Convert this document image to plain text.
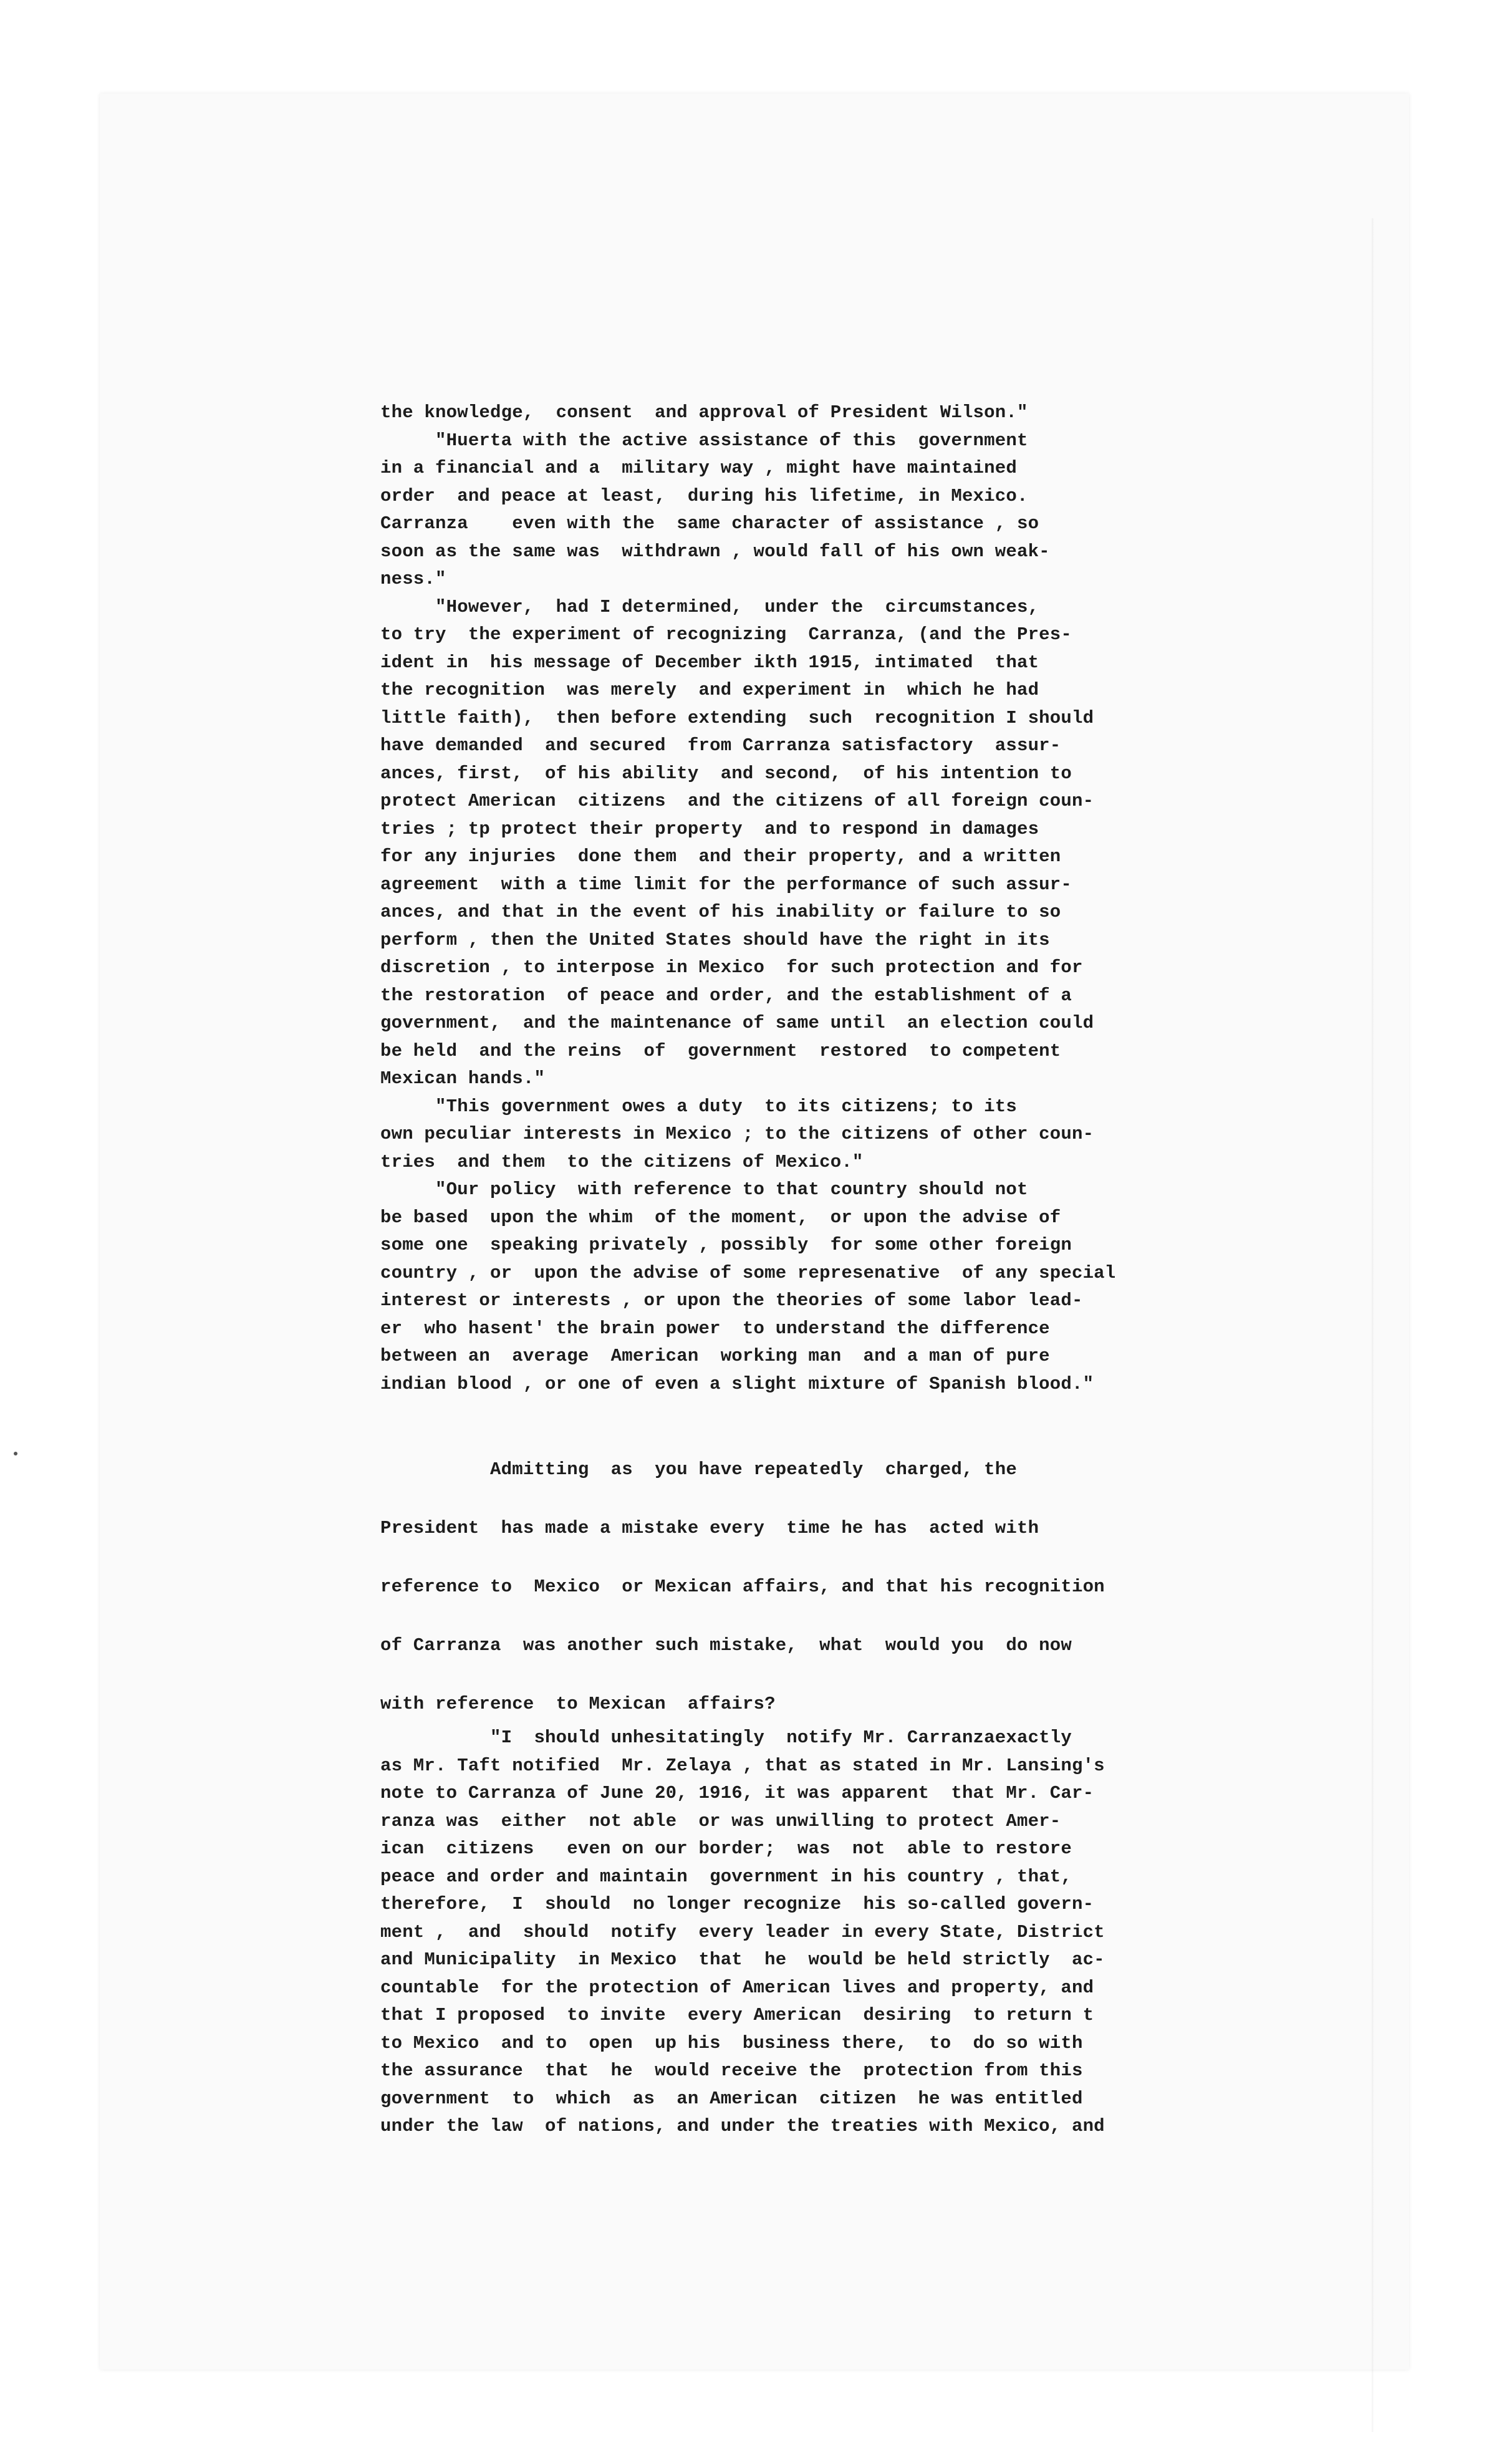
the knowledge,  consent  and approval of President Wilson."
"Huerta with the active assistance of this  government
in a financial and a  military way , might have maintained
order  and peace at least,  during his lifetime, in Mexico.
Carranza    even with the  same character of assistance , so
soon as the same was  withdrawn , would fall of his own weak-
ness."
"However,  had I determined,  under the  circumstances,
to try  the experiment of recognizing  Carranza, (and the Pres-
ident in  his message of December ikth 1915, intimated  that
the recognition  was merely  and experiment in  which he had
little faith),  then before extending  such  recognition I should
have demanded  and secured  from Carranza satisfactory  assur-
ances, first,  of his ability  and second,  of his intention to
protect American  citizens  and the citizens of all foreign coun-
tries ; tp protect their property  and to respond in damages
for any injuries  done them  and their property, and a written
agreement  with a time limit for the performance of such assur-
ances, and that in the event of his inability or failure to so
perform , then the United States should have the right in its
discretion , to interpose in Mexico  for such protection and for
the restoration  of peace and order, and the establishment of a
government,  and the maintenance of same until  an election could
be held  and the reins  of  government  restored  to competent
Mexican hands."
"This government owes a duty  to its citizens; to its
own peculiar interests in Mexico ; to the citizens of other coun-
tries  and them  to the citizens of Mexico."
"Our policy  with reference to that country should not
be based  upon the whim  of the moment,  or upon the advise of
some one  speaking privately , possibly  for some other foreign
country , or  upon the advise of some represenative  of any special
interest or interests , or upon the theories of some labor lead-
er  who hasent' the brain power  to understand the difference
between an  average  American  working man  and a man of pure
indian blood , or one of even a slight mixture of Spanish blood."
Admitting  as  you have repeatedly  charged, the
President  has made a mistake every  time he has  acted with
reference to  Mexico  or Mexican affairs, and that his recognition
of Carranza  was another such mistake,  what  would you  do now
with reference  to Mexican  affairs?
"I  should unhesitatingly  notify Mr. Carranzaexactly
as Mr. Taft notified  Mr. Zelaya , that as stated in Mr. Lansing's
note to Carranza of June 20, 1916, it was apparent  that Mr. Car-
ranza was  either  not able  or was unwilling to protect Amer-
ican  citizens   even on our border;  was  not  able to restore
peace and order and maintain  government in his country , that,
therefore,  I  should  no longer recognize  his so-called govern-
ment ,  and  should  notify  every leader in every State, District
and Municipality  in Mexico  that  he  would be held strictly  ac-
countable  for the protection of American lives and property, and
that I proposed  to invite  every American  desiring  to return t
to Mexico  and to  open  up his  business there,  to  do so with
the assurance  that  he  would receive the  protection from this
government  to  which  as  an American  citizen  he was entitled
under the law  of nations, and under the treaties with Mexico, and
